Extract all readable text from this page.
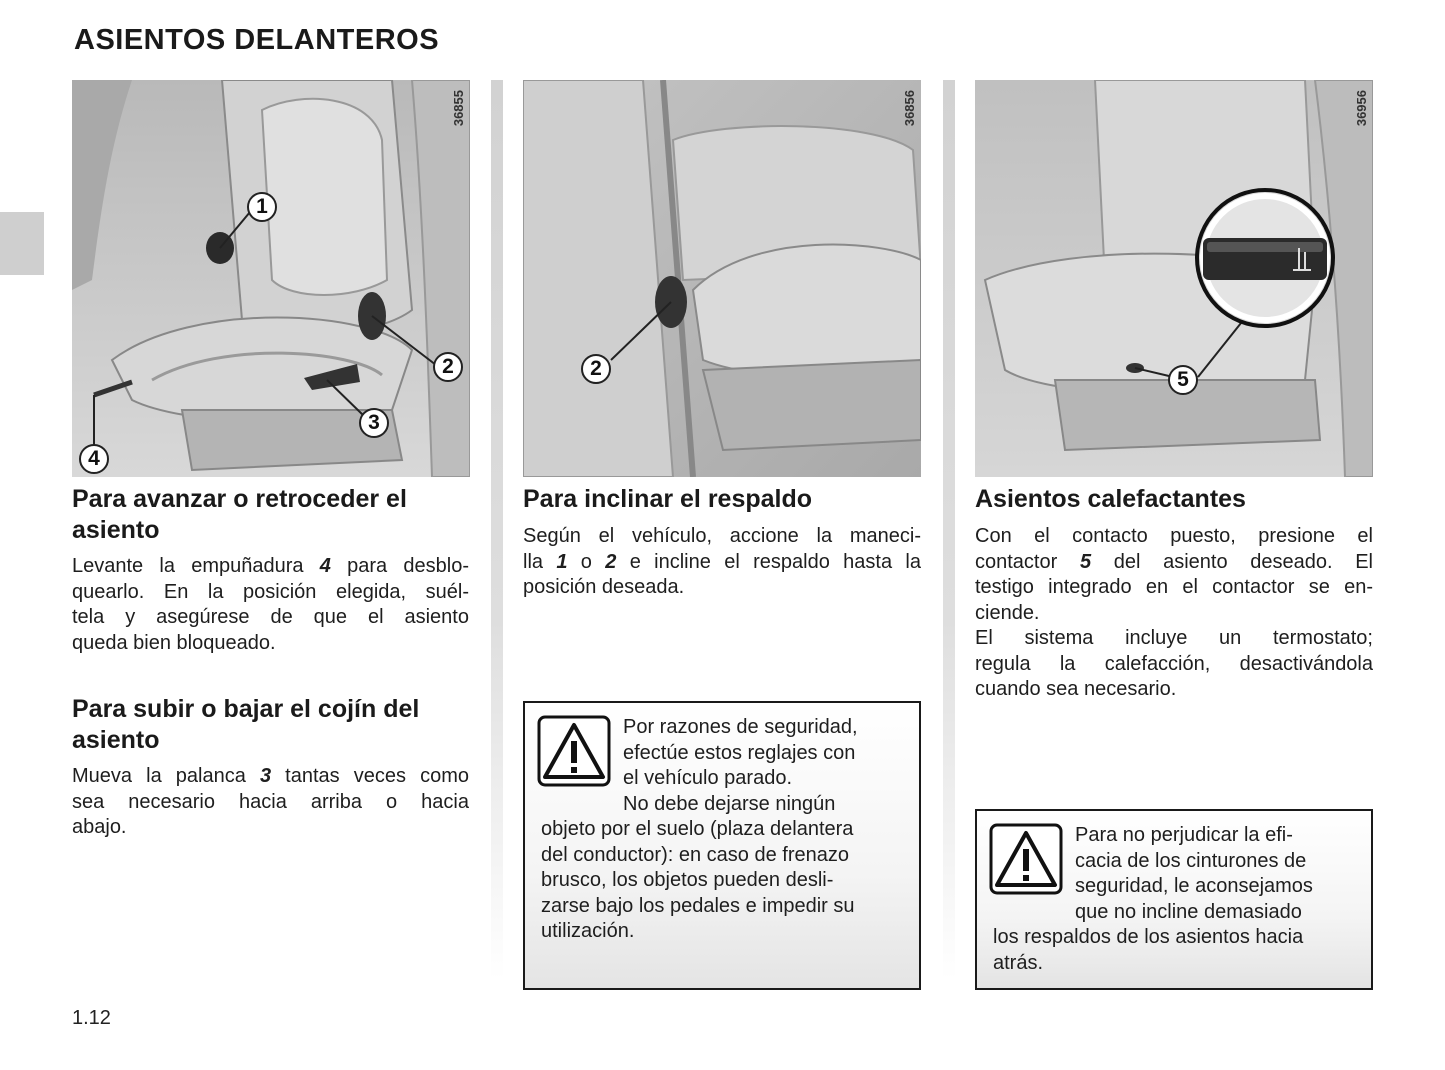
ASIENTOS DELANTEROS
36855
1
2
3
4
36856
2
36956
5
Para avanzar o retroceder el
asiento
Levante la empuñadura 4 para desblo-
quearlo. En la posición elegida, suél-
tela y asegúrese de que el asiento
queda bien bloqueado.
Para subir o bajar el cojín del
asiento
Mueva la palanca 3 tantas veces como
sea necesario hacia arriba o hacia
abajo.
Para inclinar el respaldo
Según el vehículo, accione la maneci-
lla 1 o 2 e incline el respaldo hasta la
posición deseada.

Por razones de seguridad,
efectúe estos reglajes con
el vehículo parado.
No debe dejarse ningún

objeto por el suelo (plaza delantera
del conductor): en caso de frenazo
brusco, los objetos pueden desli-
zarse bajo los pedales e impedir su
utilización.

Asientos calefactantes
Con el contacto puesto, presione el
contactor 5 del asiento deseado. El
testigo integrado en el contactor se en-
ciende.
El sistema incluye un termostato;
regula la calefacción, desactivándola
cuando sea necesario.

Para no perjudicar la efi-
cacia de los cinturones de
seguridad, le aconsejamos
que no incline demasiado

los respaldos de los asientos hacia
atrás.

1.12
